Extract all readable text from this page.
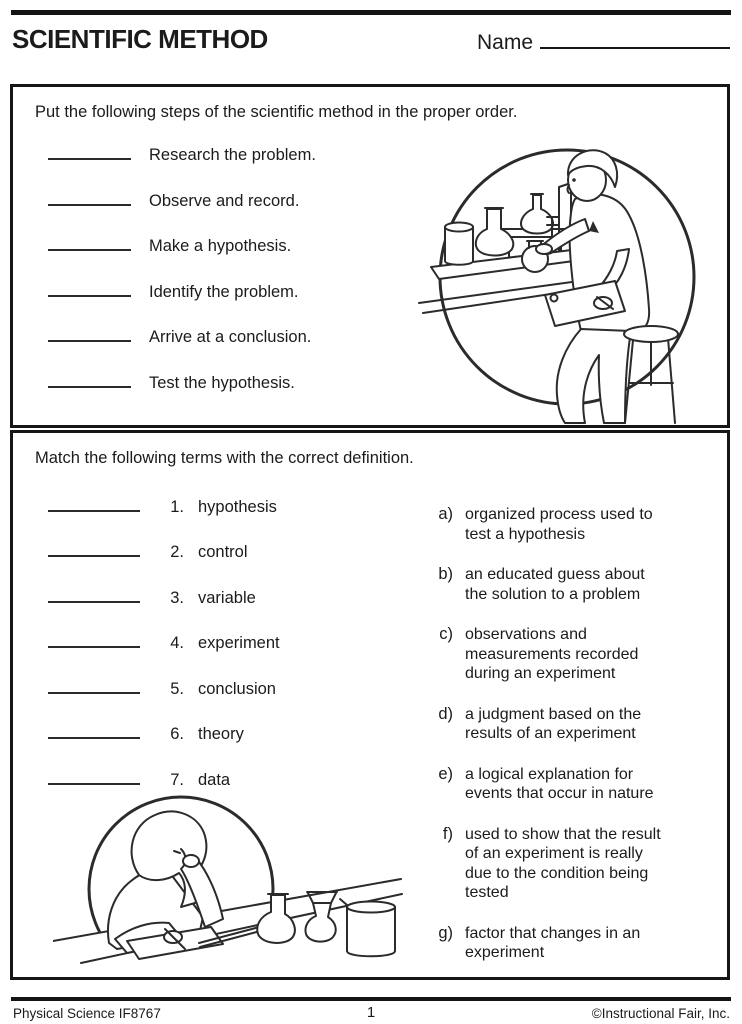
SCIENTIFIC METHOD	Name
Put the following steps of the scientific method in the proper order.
Research the problem.
Observe and record.
Make a hypothesis.
Identify the problem.
Arrive at a conclusion.
Test the hypothesis.
Match the following terms with the correct definition.
1. hypothesis
2. control
3. variable
4. experiment
5. conclusion
6. theory
7. data
a) organized process used to test a hypothesis
b) an educated guess about the solution to a problem
c) observations and measurements recorded during an experiment
d) a judgment based on the results of an experiment
e) a logical explanation for events that occur in nature
f) used to show that the result of an experiment is really due to the condition being tested
g) factor that changes in an experiment
Physical Science IF8767	1	©Instructional Fair, Inc.
